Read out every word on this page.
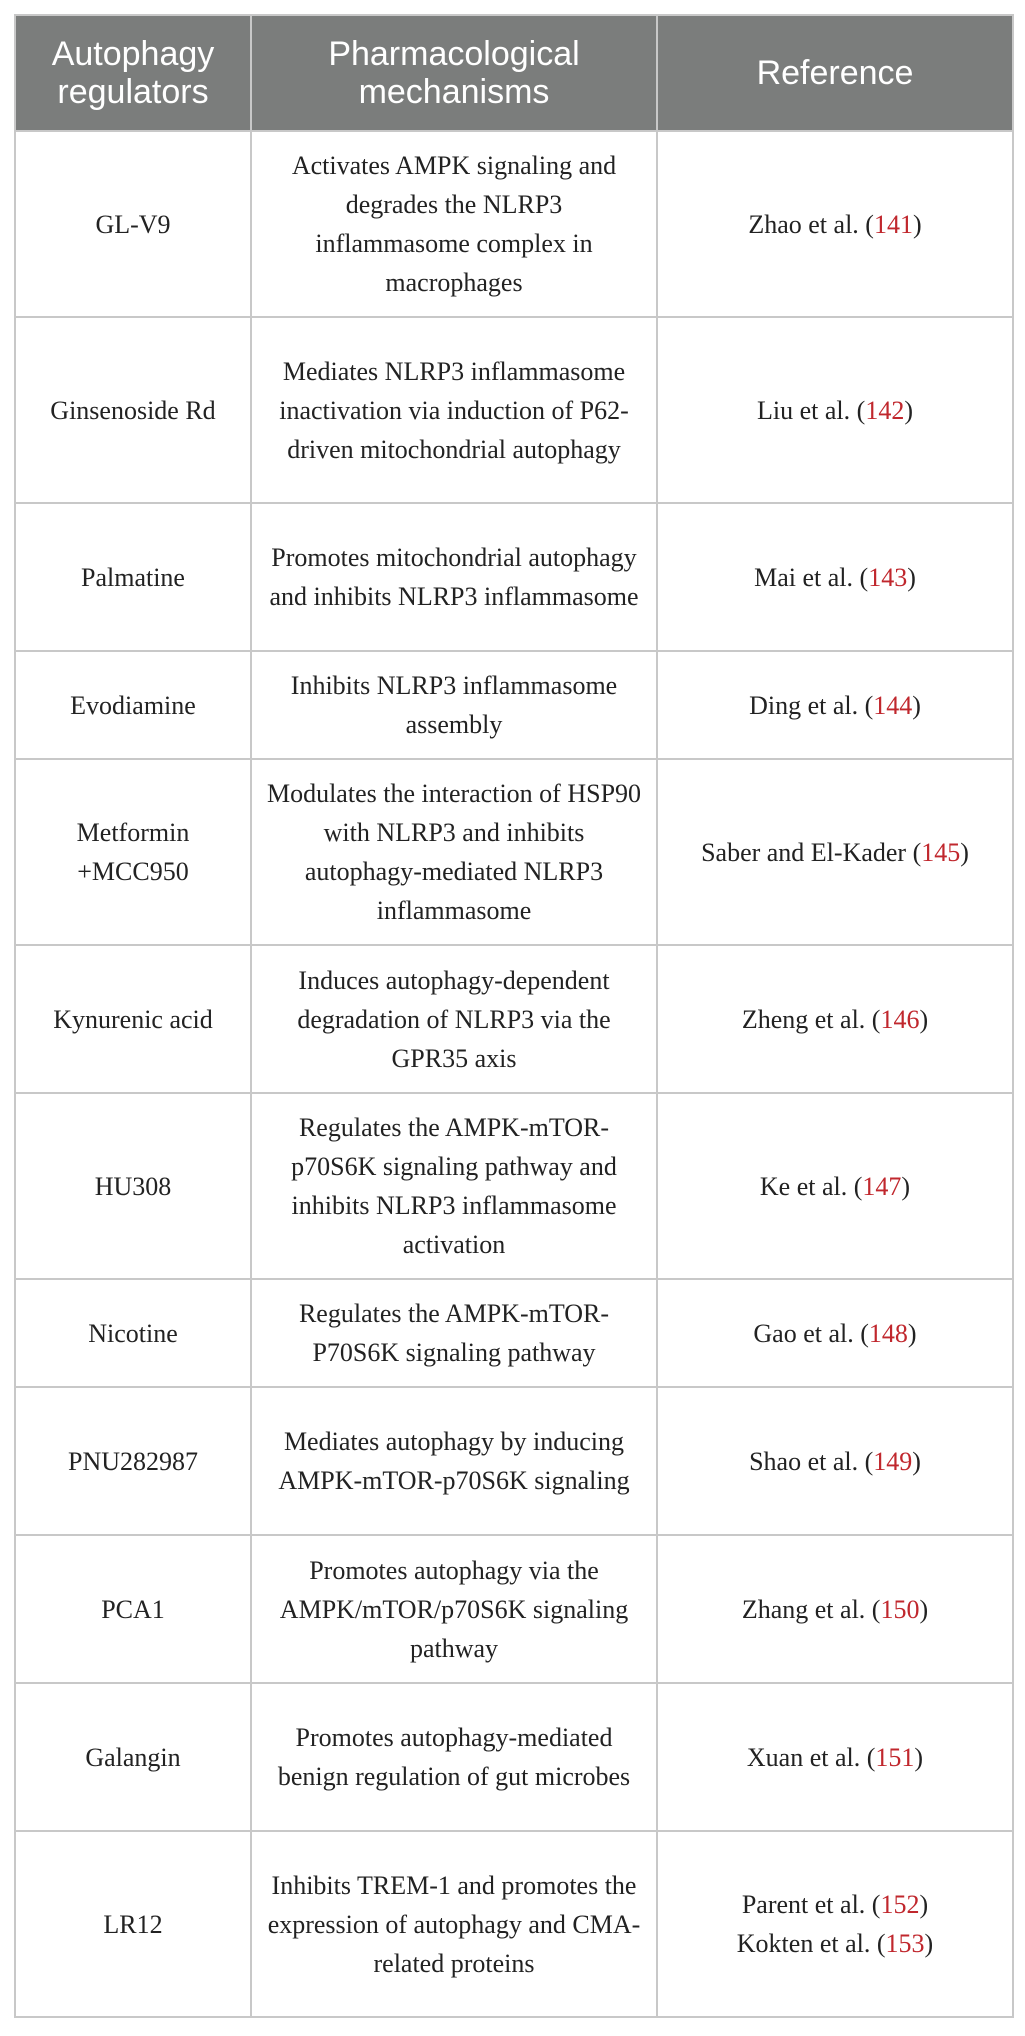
Autophagy regulators	Pharmacological mechanisms	Reference
GL-V9	Activates AMPK signaling and degrades the NLRP3 inflammasome complex in macrophages	Zhao et al. (141)

Ginsenoside Rd	Mediates NLRP3 inflammasome inactivation via induction of P62-driven mitochondrial autophagy	Liu et al. (142)

Palmatine	Promotes mitochondrial autophagy and inhibits NLRP3 inflammasome	Mai et al. (143)

Evodiamine	Inhibits NLRP3 inflammasome assembly	Ding et al. (144)

Metformin +MCC950	Modulates the interaction of HSP90 with NLRP3 and inhibits autophagy-mediated NLRP3 inflammasome	Saber and El-Kader (145)

Kynurenic acid	Induces autophagy-dependent degradation of NLRP3 via the GPR35 axis	Zheng et al. (146)

HU308	Regulates the AMPK-mTOR-p70S6K signaling pathway and inhibits NLRP3 inflammasome activation	Ke et al. (147)

Nicotine	Regulates the AMPK-mTOR-P70S6K signaling pathway	Gao et al. (148)

PNU282987	Mediates autophagy by inducing AMPK-mTOR-p70S6K signaling	Shao et al. (149)

PCA1	Promotes autophagy via the AMPK/mTOR/p70S6K signaling pathway	Zhang et al. (150)

Galangin	Promotes autophagy-mediated benign regulation of gut microbes	Xuan et al. (151)

LR12	Inhibits TREM-1 and promotes the expression of autophagy and CMA-related proteins	Parent et al. (152)
Kokten et al. (153)
